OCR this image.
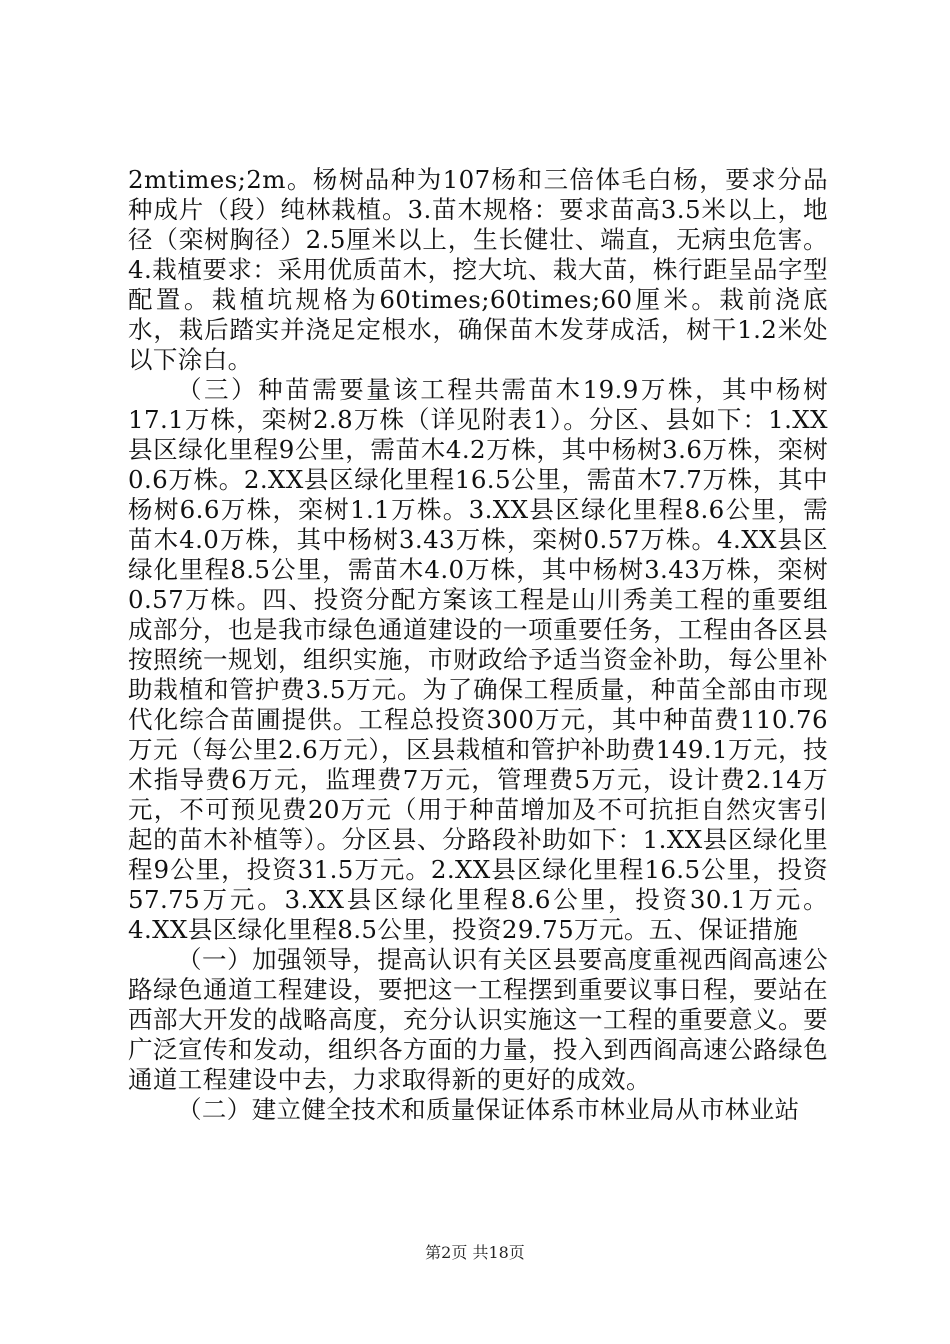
2mtimes;2m。杨树品种为107杨和三倍体毛白杨，要求分品种成片（段）纯林栽植。3.苗木规格：要求苗高3.5米以上，地径（栾树胸径）2.5厘米以上，生长健壮、端直，无病虫危害。4.栽植要求：采用优质苗木，挖大坑、栽大苗，株行距呈品字型配置。栽植坑规格为60times;60times;60厘米。栽前浇底水，栽后踏实并浇足定根水，确保苗木发芽成活，树干1.2米处以下涂白。

（三）种苗需要量该工程共需苗木19.9万株，其中杨树17.1万株，栾树2.8万株（详见附表1）。分区、县如下：1.XX县区绿化里程9公里，需苗木4.2万株，其中杨树3.6万株，栾树0.6万株。2.XX县区绿化里程16.5公里，需苗木7.7万株，其中杨树6.6万株，栾树1.1万株。3.XX县区绿化里程8.6公里，需苗木4.0万株，其中杨树3.43万株，栾树0.57万株。4.XX县区绿化里程8.5公里，需苗木4.0万株，其中杨树3.43万株，栾树0.57万株。四、投资分配方案该工程是山川秀美工程的重要组成部分，也是我市绿色通道建设的一项重要任务，工程由各区县按照统一规划，组织实施，市财政给予适当资金补助，每公里补助栽植和管护费3.5万元。为了确保工程质量，种苗全部由市现代化综合苗圃提供。工程总投资300万元，其中种苗费110.76万元（每公里2.6万元），区县栽植和管护补助费149.1万元，技术指导费6万元，监理费7万元，管理费5万元，设计费2.14万元，不可预见费20万元（用于种苗增加及不可抗拒自然灾害引起的苗木补植等）。分区县、分路段补助如下：1.XX县区绿化里程9公里，投资31.5万元。2.XX县区绿化里程16.5公里，投资57.75万元。3.XX县区绿化里程8.6公里，投资30.1万元。4.XX县区绿化里程8.5公里，投资29.75万元。五、保证措施

（一）加强领导，提高认识有关区县要高度重视西阎高速公路绿色通道工程建设，要把这一工程摆到重要议事日程，要站在西部大开发的战略高度，充分认识实施这一工程的重要意义。要广泛宣传和发动，组织各方面的力量，投入到西阎高速公路绿色通道工程建设中去，力求取得新的更好的成效。

（二）建立健全技术和质量保证体系市林业局从市林业站

第2页 共18页
